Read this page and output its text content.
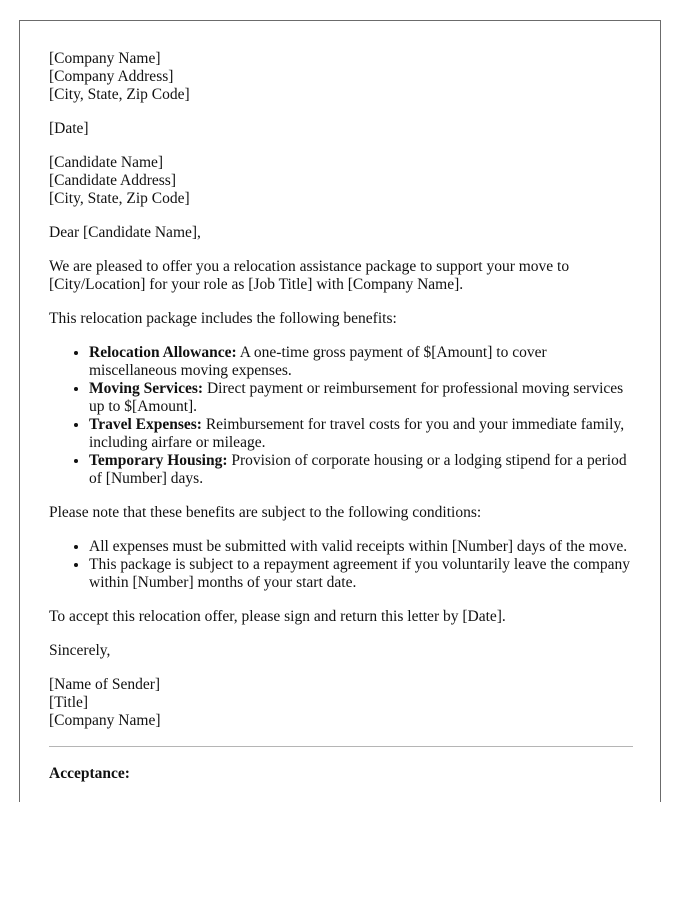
[Company Name]
[Company Address]
[City, State, Zip Code]

[Date]

[Candidate Name]
[Candidate Address]
[City, State, Zip Code]

Dear [Candidate Name],

We are pleased to offer you a relocation assistance package to support your move to [City/Location] for your role as [Job Title] with [Company Name].

This relocation package includes the following benefits:

• Relocation Allowance: A one-time gross payment of $[Amount] to cover miscellaneous moving expenses.
• Moving Services: Direct payment or reimbursement for professional moving services up to $[Amount].
• Travel Expenses: Reimbursement for travel costs for you and your immediate family, including airfare or mileage.
• Temporary Housing: Provision of corporate housing or a lodging stipend for a period of [Number] days.

Please note that these benefits are subject to the following conditions:

• All expenses must be submitted with valid receipts within [Number] days of the move.
• This package is subject to a repayment agreement if you voluntarily leave the company within [Number] months of your start date.

To accept this relocation offer, please sign and return this letter by [Date].

Sincerely,

[Name of Sender]
[Title]
[Company Name]

Acceptance:
